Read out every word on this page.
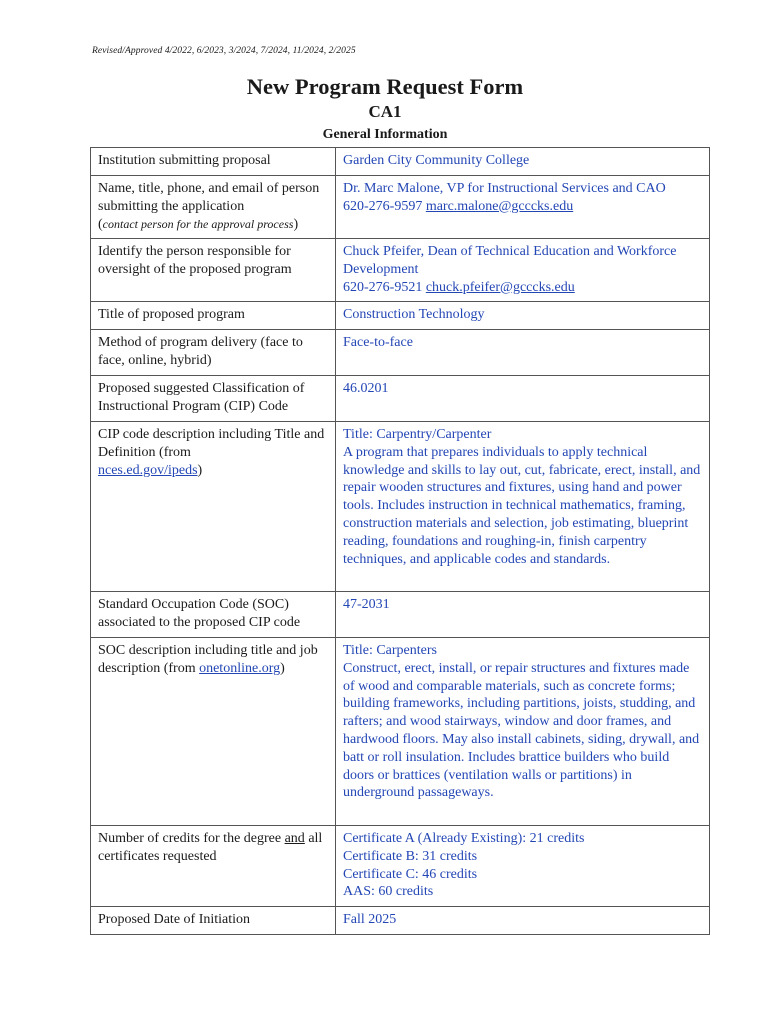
Revised/Approved 4/2022, 6/2023, 3/2024, 7/2024, 11/2024, 2/2025
New Program Request Form
CA1
General Information
Institution submitting proposal	Garden City Community College
Name, title, phone, and email of person submitting the application
(contact person for the approval process)	Dr. Marc Malone, VP for Instructional Services and CAO
620-276-9597 marc.malone@gcccks.edu
Identify the person responsible for oversight of the proposed program	Chuck Pfeifer, Dean of Technical Education and Workforce Development
620-276-9521 chuck.pfeifer@gcccks.edu
Title of proposed program	Construction Technology
Method of program delivery (face to face, online, hybrid)	Face-to-face
Proposed suggested Classification of Instructional Program (CIP) Code	46.0201
CIP code description including Title and Definition (from
nces.ed.gov/ipeds)	Title: Carpentry/Carpenter
A program that prepares individuals to apply technical knowledge and skills to lay out, cut, fabricate, erect, install, and repair wooden structures and fixtures, using hand and power tools. Includes instruction in technical mathematics, framing, construction materials and selection, job estimating, blueprint reading, foundations and roughing-in, finish carpentry techniques, and applicable codes and standards.
Standard Occupation Code (SOC) associated to the proposed CIP code	47-2031
SOC description including title and job description (from onetonline.org)	Title: Carpenters
Construct, erect, install, or repair structures and fixtures made of wood and comparable materials, such as concrete forms; building frameworks, including partitions, joists, studding, and rafters; and wood stairways, window and door frames, and hardwood floors. May also install cabinets, siding, drywall, and batt or roll insulation. Includes brattice builders who build doors or brattices (ventilation walls or partitions) in underground passageways.
Number of credits for the degree and all certificates requested	Certificate A (Already Existing): 21 credits
Certificate B: 31 credits
Certificate C: 46 credits
AAS: 60 credits
Proposed Date of Initiation	Fall 2025
